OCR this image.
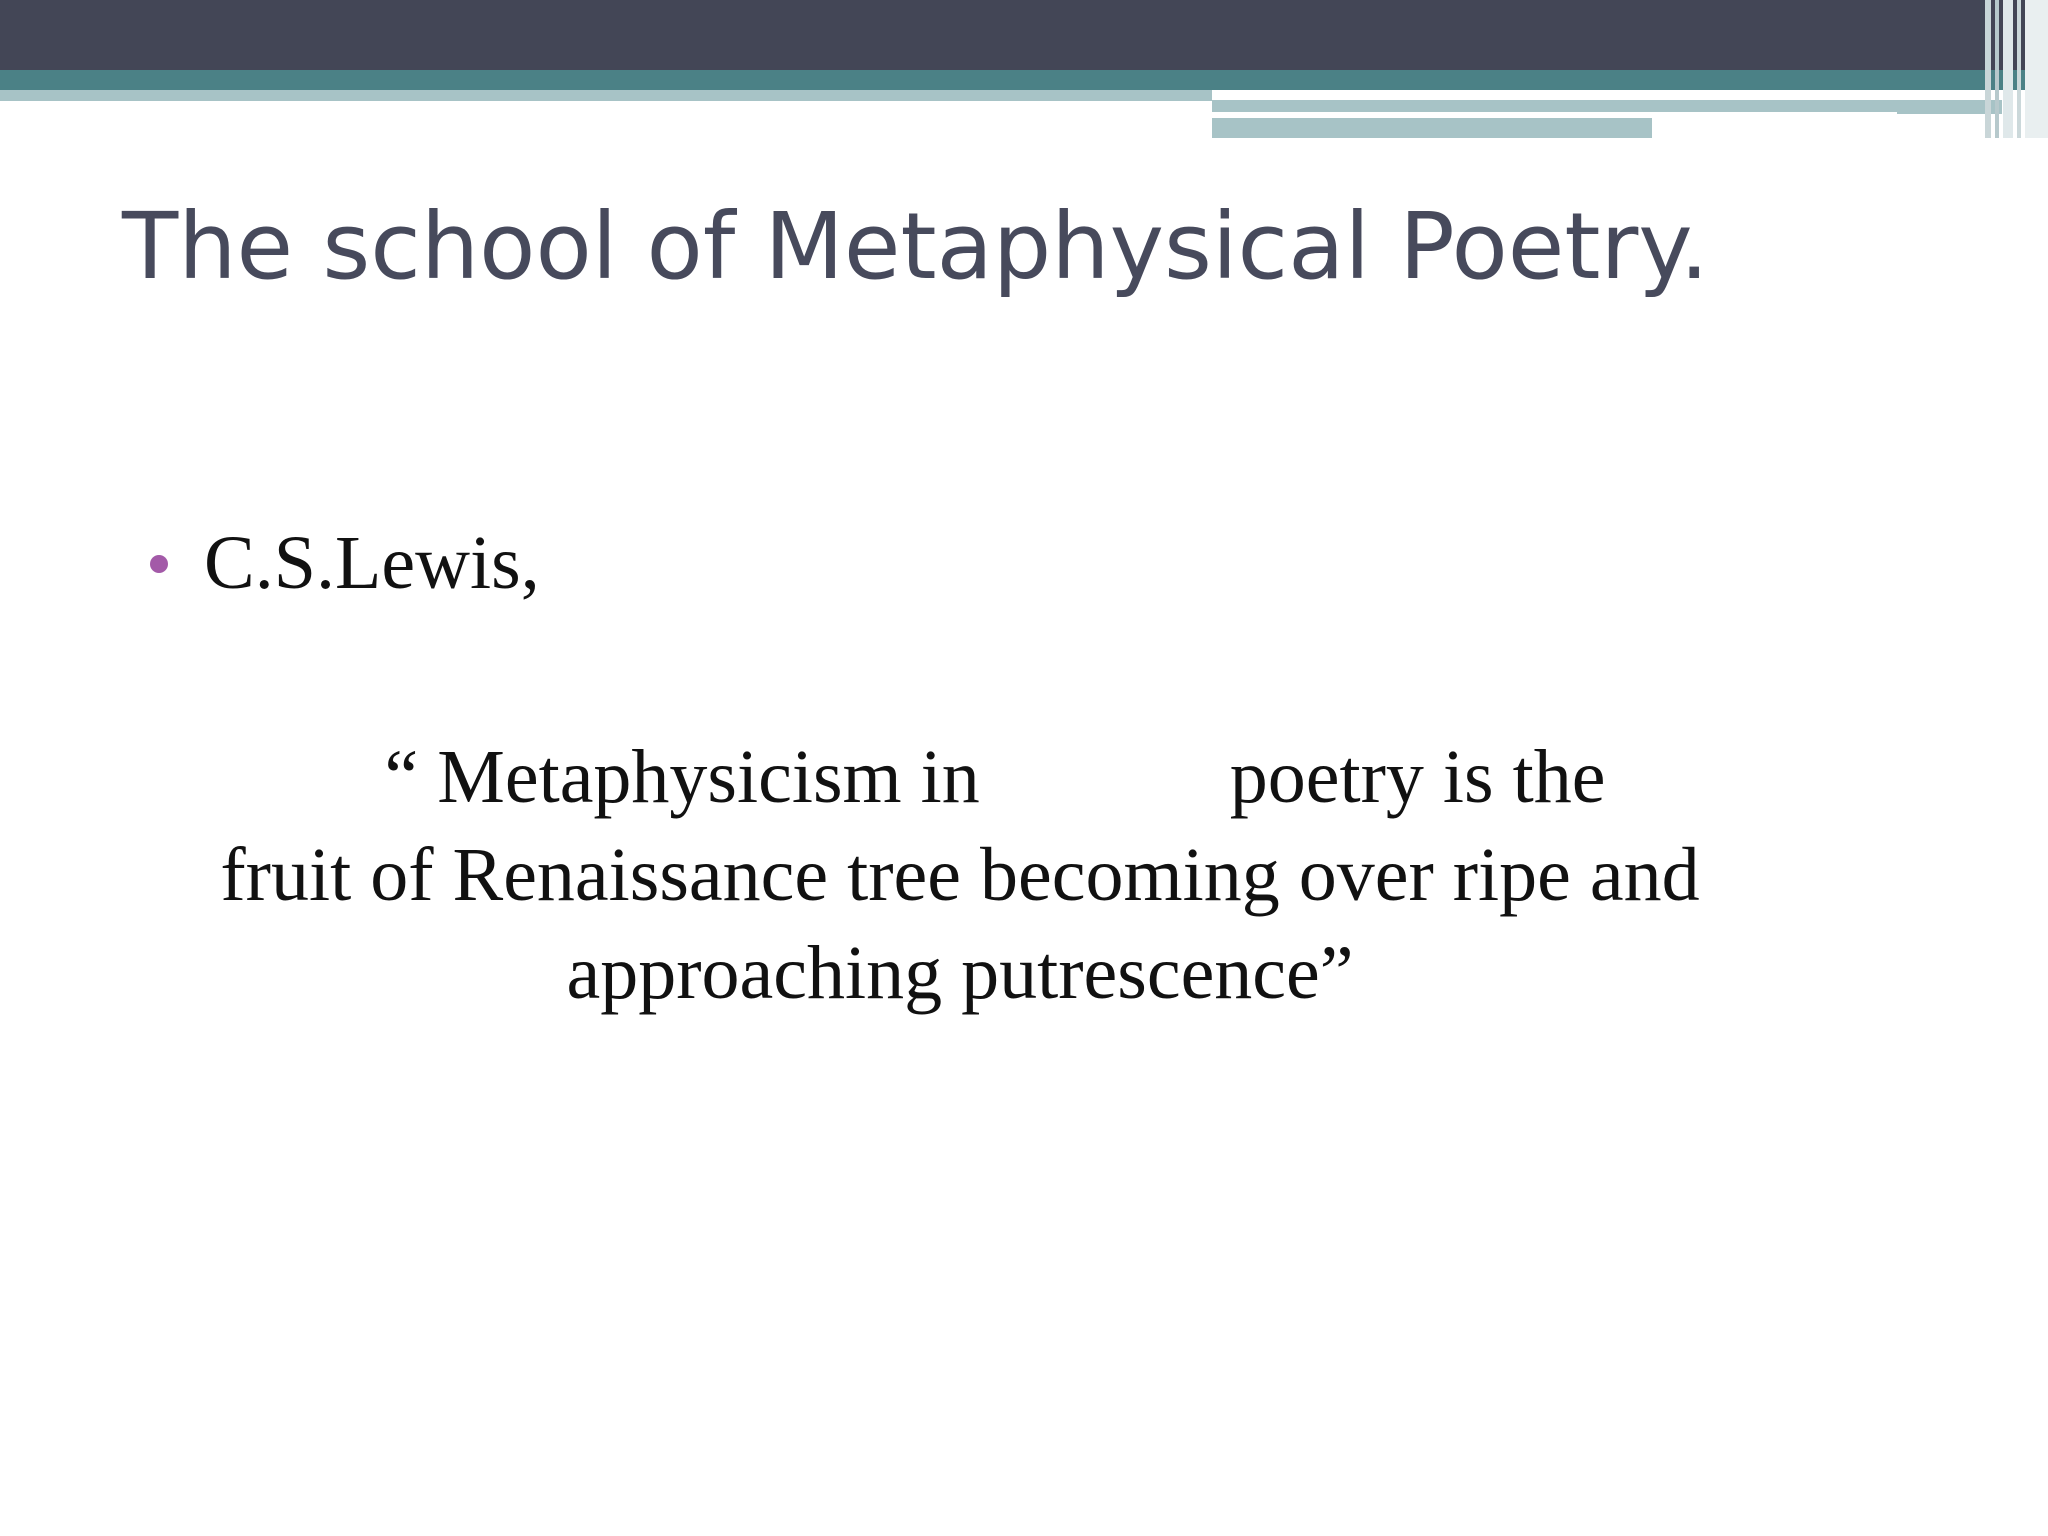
The school of Metaphysical Poetry.
C.S.Lewis,
“ Metaphysicism in	poetry is the
fruit of Renaissance tree becoming over ripe and
approaching putrescence”
